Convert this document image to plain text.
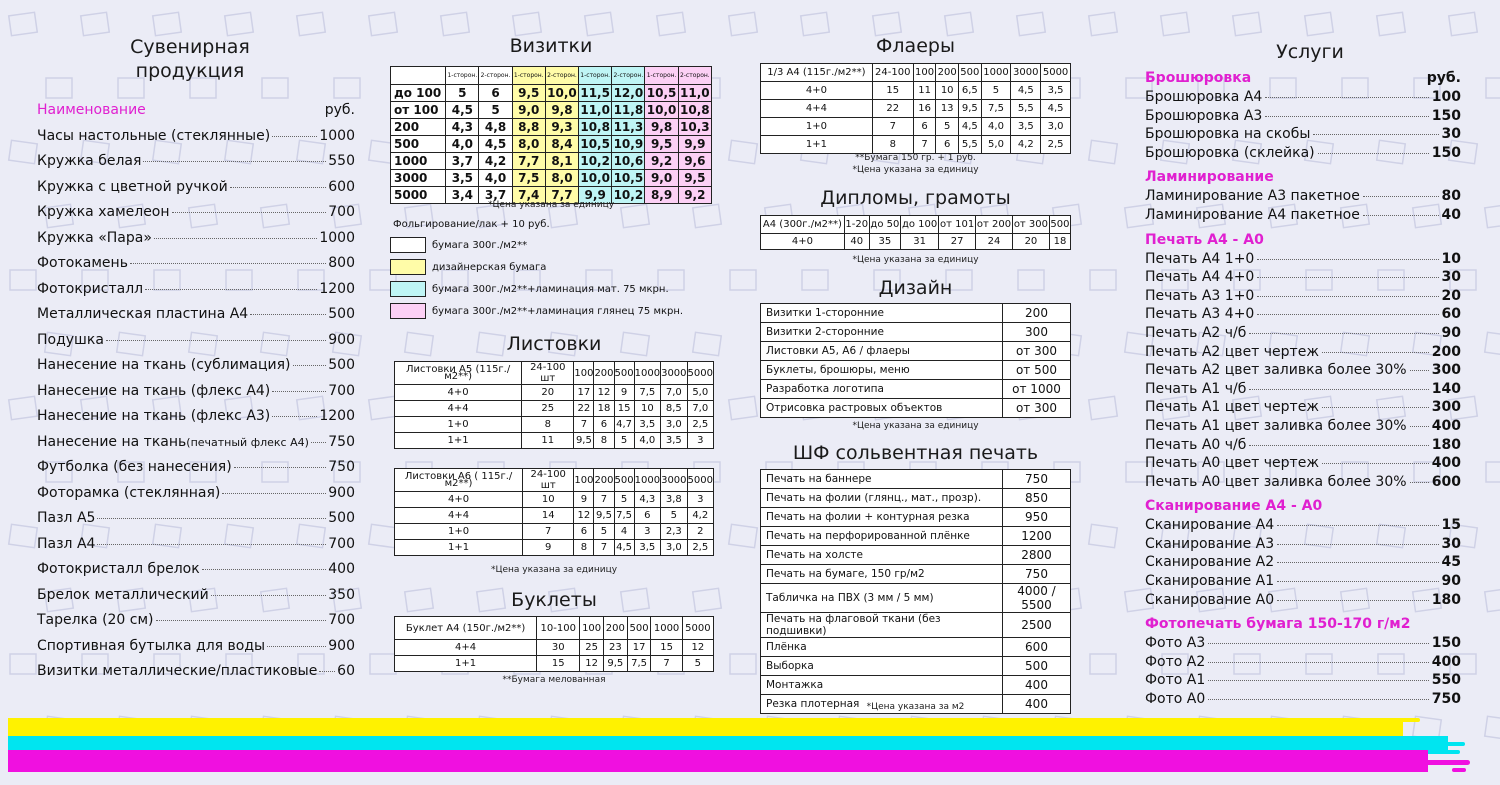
Сувенирная
продукция
Наименование	руб.
Часы настольные (стеклянные)	1000
Кружка белая	550
Кружка с цветной ручкой	600
Кружка хамелеон	700
Кружка «Пара»	1000
Фотокамень	800
Фотокристалл	1200
Металлическая пластина А4	500
Подушка	900
Нанесение на ткань (сублимация)	500
Нанесение на ткань (флекс А4)	700
Нанесение на ткань (флекс А3)	1200
Нанесение на ткань (печатный флекс А4) 750
Футболка (без нанесения)	750
Фоторамка (стеклянная)	900
Пазл А5	500
Пазл А4	700
Фотокристалл брелок	400
Брелок металлический	350
Тарелка (20 см)	700
Спортивная бутылка для воды	900
Визитки металлические/пластиковые 60
Визитки
	1-сторон.	2-сторон.	1-сторон.	2-сторон.	1-сторон.	2-сторон.	1-сторон.	2-сторон.
до 100	5	6	9,5	10,0	11,5	12,0	10,5	11,0
от 100	4,5	5	9,0	9,8	11,0	11,8	10,0	10,8
200	4,3	4,8	8,8	9,3	10,8	11,3	9,8	10,3
500	4,0	4,5	8,0	8,4	10,5	10,9	9,5	9,9
1000	3,7	4,2	7,7	8,1	10,2	10,6	9,2	9,6
3000	3,5	4,0	7,5	8,0	10,0	10,5	9,0	9,5
5000	3,4	3,7	7,4	7,7	9,9	10,2	8,9	9,2
*Цена указана за единицу
Фольгирование/лак + 10 руб.
бумага 300г./м2**
дизайнерская бумага
бумага 300г./м2**+ламинация мат. 75 мкрн.
бумага 300г./м2**+ламинация глянец 75 мкрн.
Листовки
Листовки А5 (115г./м2**)	24-100 шт	100	200	500	1000	3000	5000
4+0	20	17	12	9	7,5	7,0	5,0
4+4	25	22	18	15	10	8,5	7,0
1+0	8	7	6	4,7	3,5	3,0	2,5
1+1	11	9,5	8	5	4,0	3,5	3
Листовки А6 ( 115г./м2**)	24-100 шт	100	200	500	1000	3000	5000
4+0	10	9	7	5	4,3	3,8	3
4+4	14	12	9,5	7,5	6	5	4,2
1+0	7	6	5	4	3	2,3	2
1+1	9	8	7	4,5	3,5	3,0	2,5
*Цена указана за единицу
Буклеты
Буклет А4 (150г./м2**)	10-100	100	200	500	1000	5000
4+4	30	25	23	17	15	12
1+1	15	12	9,5	7,5	7	5
**Бумага мелованная
Флаеры
1/3 А4 (115г./м2**)	24-100	100	200	500	1000	3000	5000
4+0	15	11	10	6,5	5	4,5	3,5
4+4	22	16	13	9,5	7,5	5,5	4,5
1+0	7	6	5	4,5	4,0	3,5	3,0
1+1	8	7	6	5,5	5,0	4,2	2,5
**Бумага 150 гр. + 1 руб.
*Цена указана за единицу
Дипломы, грамоты
А4 (300г./м2**)	1-20	до 50	до 100	от 101	от 200	от 300	500
4+0	40	35	31	27	24	20	18
*Цена указана за единицу
Дизайн
Визитки 1-сторонние	200
Визитки 2-сторонние	300
Листовки А5, А6 / флаеры	от 300
Буклеты, брошюры, меню	от 500
Разработка логотипа	от 1000
Отрисовка растровых объектов	от 300
*Цена указана за единицу
ШФ сольвентная печать
Печать на баннере	750
Печать на фолии (глянц., мат., прозр).	850
Печать на фолии + контурная резка	950
Печать на перфорированной плёнке	1200
Печать на холсте	2800
Печать на бумаге, 150 гр/м2	750
Табличка на ПВХ (3 мм / 5 мм)	4000 / 5500
Печать на флаговой ткани (без подшивки)	2500
Плёнка	600
Выборка	500
Монтажка	400
Резка плотерная	400
*Цена указана за м2
Услуги
Брошюровка	руб.
Брошюровка А4	100
Брошюровка А3	150
Брошюровка на скобы	30
Брошюровка (склейка)	150
Ламинирование
Ламинирование А3 пакетное	80
Ламинирование А4 пакетное	40
Печать А4 - А0
Печать А4 1+0	10
Печать А4 4+0	30
Печать А3 1+0	20
Печать А3 4+0	60
Печать А2 ч/б	90
Печать А2 цвет чертеж	200
Печать А2 цвет заливка более 30% 300
Печать А1 ч/б	140
Печать А1 цвет чертеж	300
Печать А1 цвет заливка более 30% 400
Печать А0 ч/б	180
Печать А0 цвет чертеж	400
Печать А0 цвет заливка более 30% 600
Сканирование А4 - А0
Сканирование А4	15
Сканирование А3	30
Сканирование А2	45
Сканирование А1	90
Сканирование А0	180
Фотопечать бумага 150-170 г/м2
Фото А3	150
Фото А2	400
Фото А1	550
Фото А0	750
